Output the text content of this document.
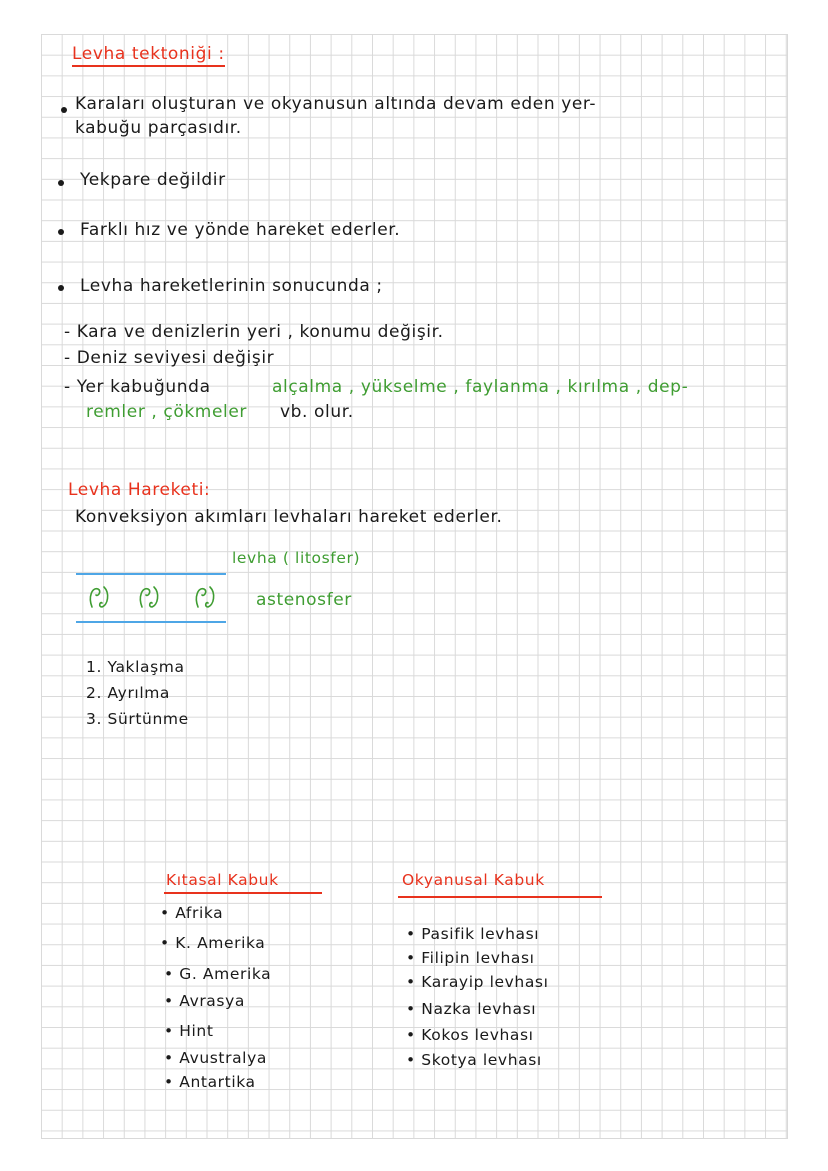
Levha tektoniği :
Karaları oluşturan ve okyanusun altında devam eden yer-
kabuğu parçasıdır.
Yekpare değildir
Farklı hız ve yönde hareket ederler.
Levha hareketlerinin sonucunda ;
- Kara ve denizlerin yeri , konumu değişir.
- Deniz seviyesi değişir
- Yer kabuğunda	alçalma , yükselme , faylanma , kırılma , dep-
remler , çökmeler vb. olur.
Levha Hareketi:
Konveksiyon akımları levhaları hareket ederler.
levha ( litosfer)
astenosfer
1. Yaklaşma
2. Ayrılma
3. Sürtünme
Kıtasal Kabuk
• Afrika
• K. Amerika
• G. Amerika
• Avrasya
• Hint
• Avustralya
• Antartika
Okyanusal Kabuk
• Pasifik levhası
• Filipin levhası
• Karayip levhası
• Nazka levhası
• Kokos levhası
• Skotya levhası
